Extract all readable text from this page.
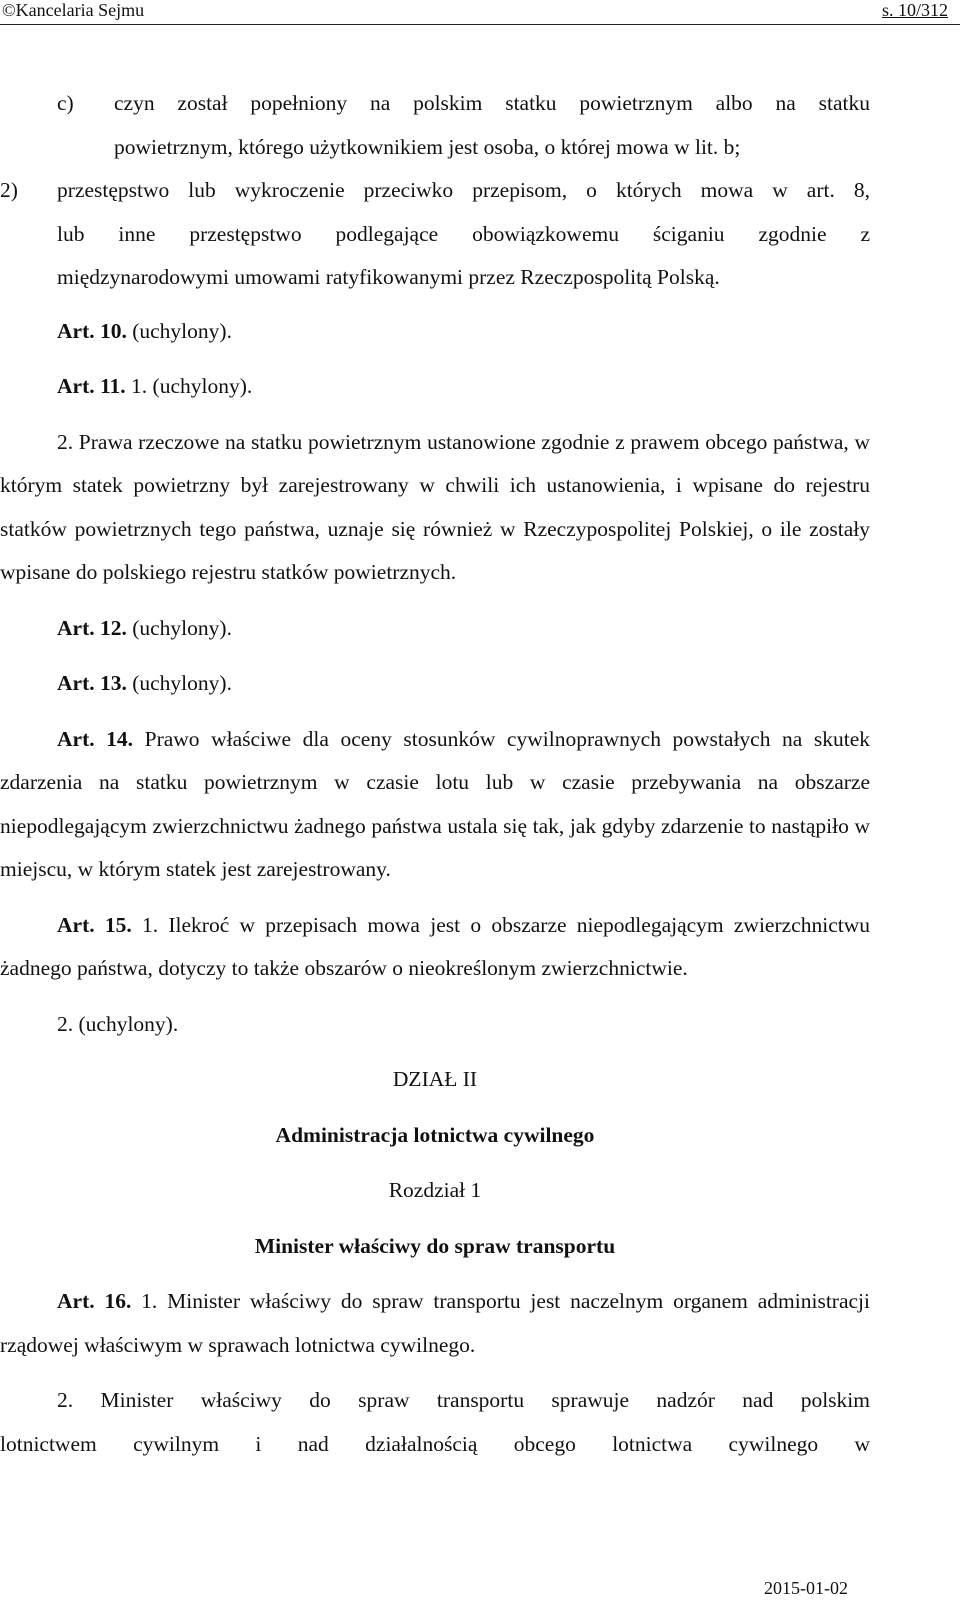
©Kancelaria Sejmu	s. 10/312
c)	czyn został popełniony na polskim statku powietrznym albo na statku
powietrznym, którego użytkownikiem jest osoba, o której mowa w lit. b;
2)	przestępstwo lub wykroczenie przeciwko przepisom, o których mowa w art. 8,
lub inne przestępstwo podlegające obowiązkowemu ściganiu zgodnie z
międzynarodowymi umowami ratyfikowanymi przez Rzeczpospolitą Polską.

Art. 10. (uchylony).

Art. 11. 1. (uchylony).

2. Prawa rzeczowe na statku powietrznym ustanowione zgodnie z prawem obcego państwa, w którym statek powietrzny był zarejestrowany w chwili ich ustanowienia, i wpisane do rejestru statków powietrznych tego państwa, uznaje się również w Rzeczypospolitej Polskiej, o ile zostały wpisane do polskiego rejestru statków powietrznych.

Art. 12. (uchylony).

Art. 13. (uchylony).

Art. 14. Prawo właściwe dla oceny stosunków cywilnoprawnych powstałych na skutek zdarzenia na statku powietrznym w czasie lotu lub w czasie przebywania na obszarze niepodlegającym zwierzchnictwu żadnego państwa ustala się tak, jak gdyby zdarzenie to nastąpiło w miejscu, w którym statek jest zarejestrowany.

Art. 15. 1. Ilekroć w przepisach mowa jest o obszarze niepodlegającym zwierzchnictwu żadnego państwa, dotyczy to także obszarów o nieokreślonym zwierzchnictwie.

2. (uchylony).

DZIAŁ II

Administracja lotnictwa cywilnego

Rozdział 1

Minister właściwy do spraw transportu

Art. 16. 1. Minister właściwy do spraw transportu jest naczelnym organem administracji rządowej właściwym w sprawach lotnictwa cywilnego.

2. Minister właściwy do spraw transportu sprawuje nadzór nad polskim
lotnictwem cywilnym i nad działalnością obcego lotnictwa cywilnego w

2015-01-02
